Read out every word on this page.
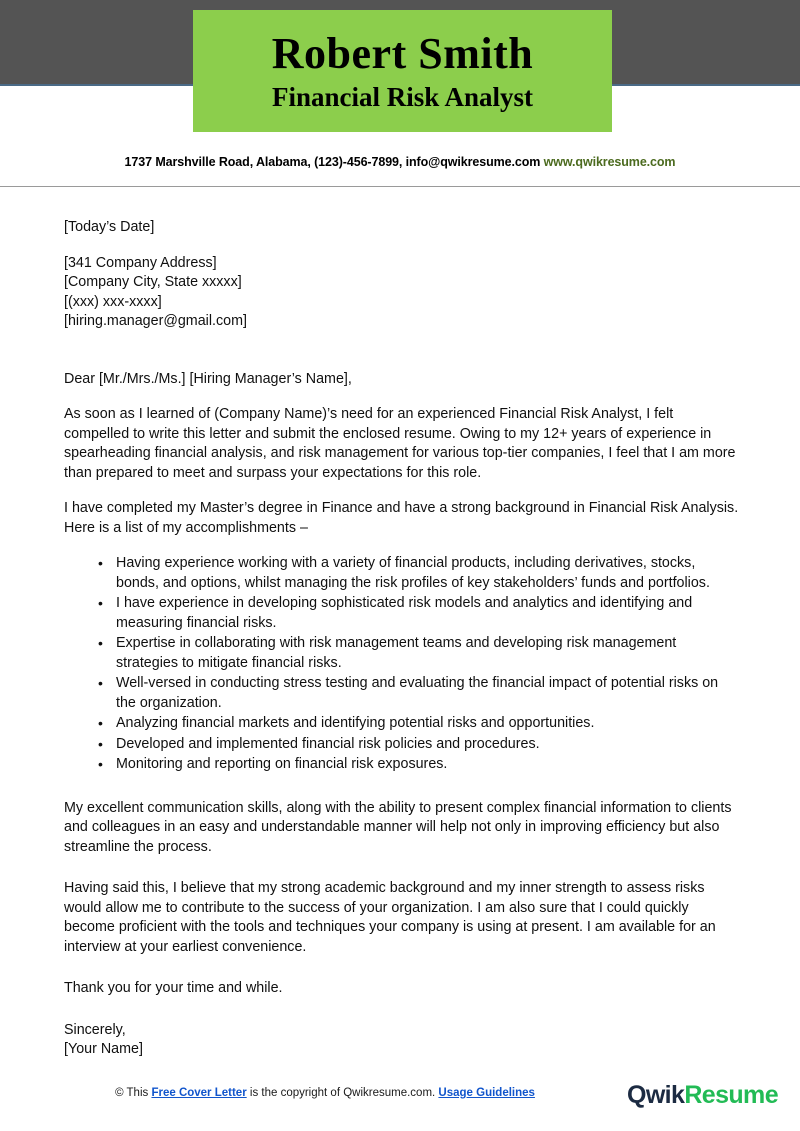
Robert Smith
Financial Risk Analyst
1737 Marshville Road, Alabama, (123)-456-7899, info@qwikresume.com www.qwikresume.com
[Today’s Date]
[341 Company Address]
[Company City, State xxxxx]
[(xxx) xxx-xxxx]
[hiring.manager@gmail.com]
Dear [Mr./Mrs./Ms.] [Hiring Manager’s Name],
As soon as I learned of (Company Name)’s need for an experienced Financial Risk Analyst, I felt compelled to write this letter and submit the enclosed resume. Owing to my 12+ years of experience in spearheading financial analysis, and risk management for various top-tier companies, I feel that I am more than prepared to meet and surpass your expectations for this role.
I have completed my Master’s degree in Finance and have a strong background in Financial Risk Analysis. Here is a list of my accomplishments –
• Having experience working with a variety of financial products, including derivatives, stocks, bonds, and options, whilst managing the risk profiles of key stakeholders’ funds and portfolios.
• I have experience in developing sophisticated risk models and analytics and identifying and measuring financial risks.
• Expertise in collaborating with risk management teams and developing risk management strategies to mitigate financial risks.
• Well-versed in conducting stress testing and evaluating the financial impact of potential risks on the organization.
• Analyzing financial markets and identifying potential risks and opportunities.
• Developed and implemented financial risk policies and procedures.
• Monitoring and reporting on financial risk exposures.
My excellent communication skills, along with the ability to present complex financial information to clients and colleagues in an easy and understandable manner will help not only in improving efficiency but also streamline the process.
Having said this, I believe that my strong academic background and my inner strength to assess risks would allow me to contribute to the success of your organization. I am also sure that I could quickly become proficient with the tools and techniques your company is using at present. I am available for an interview at your earliest convenience.
Thank you for your time and while.
Sincerely,
[Your Name]
© This Free Cover Letter is the copyright of Qwikresume.com. Usage Guidelines	QwikResume
